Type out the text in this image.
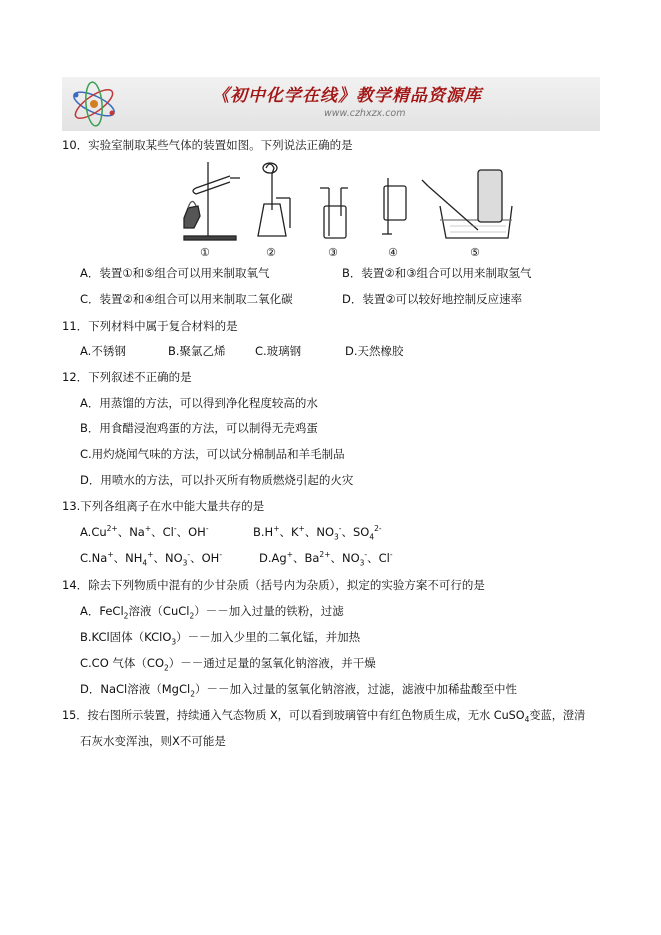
《初中化学在线》教学精品资源库
www.czhxzx.com
10．实验室制取某些气体的装置如图。下列说法正确的是
①	②	③	④	⑤
A．装置①和⑤组合可以用来制取氧气	B．装置②和③组合可以用来制取氢气
C．装置②和④组合可以用来制取二氧化碳	D．装置②可以较好地控制反应速率
11．下列材料中属于复合材料的是
A.不锈钢	B.聚氯乙烯	C.玻璃钢	D.天然橡胶
12．下列叙述不正确的是
A．用蒸馏的方法，可以得到净化程度较高的水
B．用食醋浸泡鸡蛋的方法，可以制得无壳鸡蛋
C.用灼烧闻气味的方法，可以试分棉制品和羊毛制品
D．用喷水的方法，可以扑灭所有物质燃烧引起的火灾
13.下列各组离子在水中能大量共存的是
$A.Cu^{2+}$、Na+、Cl-、OH-	B.H+、K+、$NO_3^-$、$SO_4^{2-}$
C.Na+、$NH_4^+$、$NO_3^-$、OH-	D.Ag+、$Ba^{2+}$、$NO_3^-$、Cl-
14．除去下列物质中混有的少甘杂质（括号内为杂质），拟定的实验方案不可行的是
A．FeCl$_2$溶液（CuCl$_2$）－－加入过量的铁粉，过滤
B.KCl固体（KClO$_3$）－－加入少里的二氧化锰，并加热
C.CO 气体$(CO_2)--$通过足量的氢氧化钠溶液，并干燥
D．NaCl溶液（MgCl$_2$）－－加入过量的氢氧化钠溶液，过滤，滤液中加稀盐酸至中性
15．按右图所示装置，持续通入气态物质 X，可以看到玻璃管中有红色物质生成，无水 CuSO$_4$变蓝，澄清
石灰水变浑浊，则X不可能是
